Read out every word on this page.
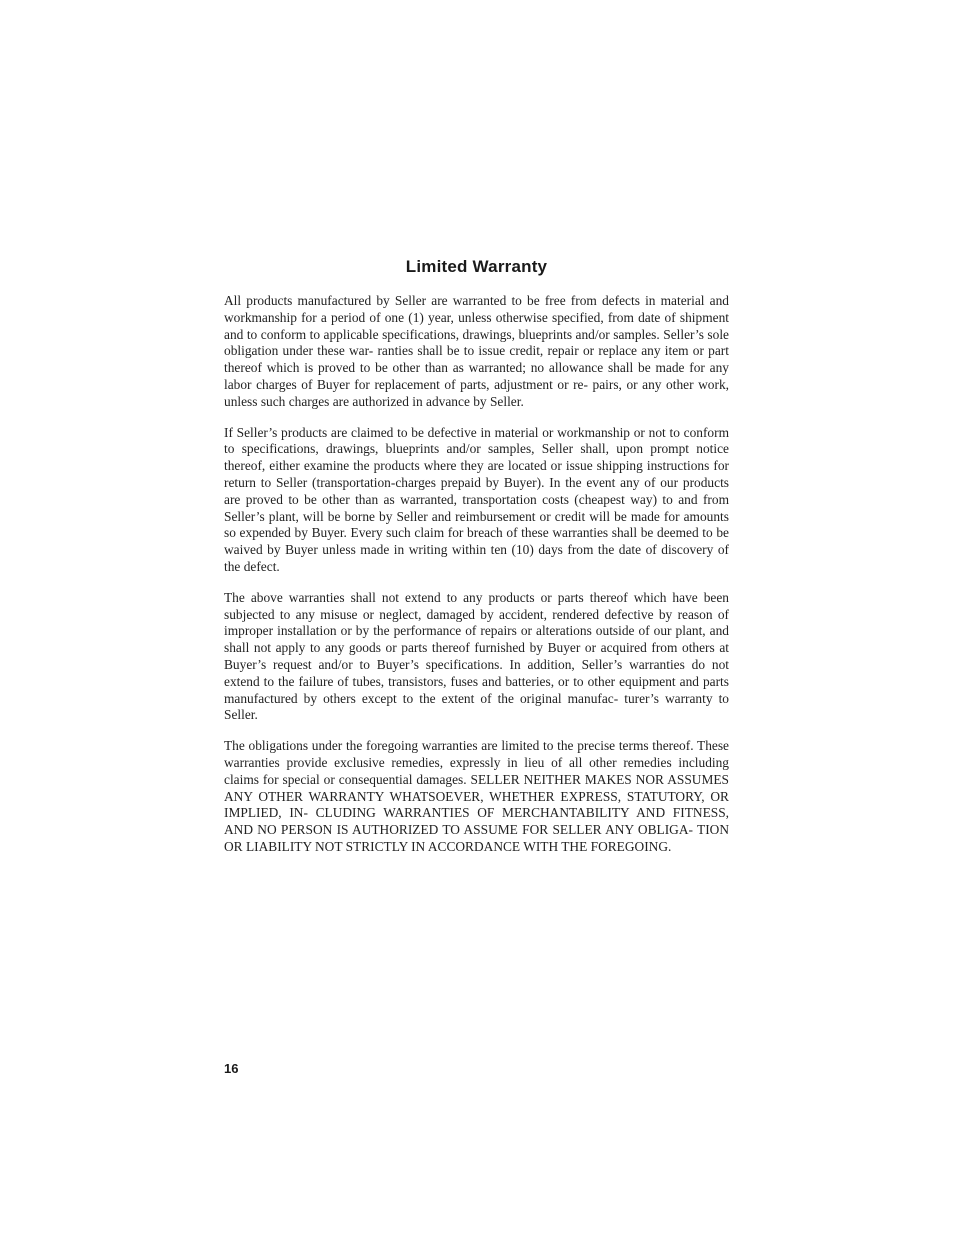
Limited Warranty

All products manufactured by Seller are warranted to be free from defects in material and workmanship for a period of one (1) year, unless otherwise specified, from date of shipment and to conform to applicable specifications, drawings, blueprints and/or samples. Seller’s sole obligation under these war- ranties shall be to issue credit, repair or replace any item or part thereof which is proved to be other than as warranted; no allowance shall be made for any labor charges of Buyer for replacement of parts, adjustment or re- pairs, or any other work, unless such charges are authorized in advance by Seller.

If Seller’s products are claimed to be defective in material or workmanship or not to conform to specifications, drawings, blueprints and/or samples, Seller shall, upon prompt notice thereof, either examine the products where they are located or issue shipping instructions for return to Seller (transportation-charges prepaid by Buyer). In the event any of our products are proved to be other than as warranted, transportation costs (cheapest way) to and from Seller’s plant, will be borne by Seller and reimbursement or credit will be made for amounts so expended by Buyer. Every such claim for breach of these warranties shall be deemed to be waived by Buyer unless made in writing within ten (10) days from the date of discovery of the defect.

The above warranties shall not extend to any products or parts thereof which have been subjected to any misuse or neglect, damaged by accident, rendered defective by reason of improper installation or by the performance of repairs or alterations outside of our plant, and shall not apply to any goods or parts thereof furnished by Buyer or acquired from others at Buyer’s request and/or to Buyer’s specifications. In addition, Seller’s warranties do not extend to the failure of tubes, transistors, fuses and batteries, or to other equipment and parts manufactured by others except to the extent of the original manufac- turer’s warranty to Seller.

The obligations under the foregoing warranties are limited to the precise terms thereof. These warranties provide exclusive remedies, expressly in lieu of all other remedies including claims for special or consequential damages. SELLER NEITHER MAKES NOR ASSUMES ANY OTHER WARRANTY WHATSOEVER, WHETHER EXPRESS, STATUTORY, OR IMPLIED, IN- CLUDING WARRANTIES OF MERCHANTABILITY AND FITNESS, AND NO PERSON IS AUTHORIZED TO ASSUME FOR SELLER ANY OBLIGA- TION OR LIABILITY NOT STRICTLY IN ACCORDANCE WITH THE FOREGOING.

16
